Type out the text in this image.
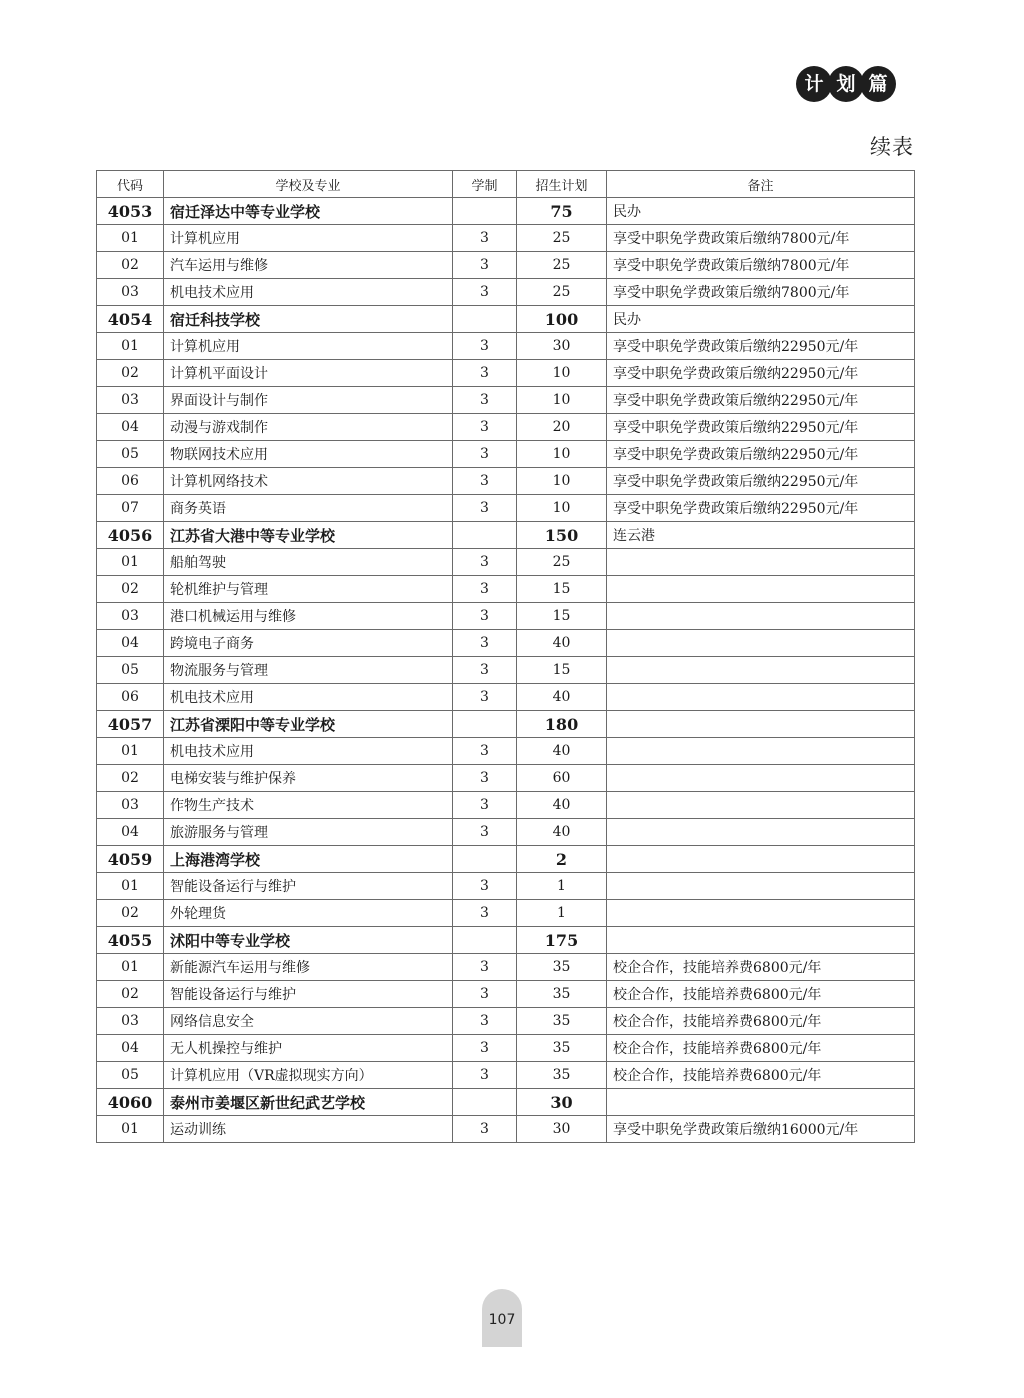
计 划 篇
续表
代码	学校及专业	学制	招生计划	备注
4053	宿迁泽达中等专业学校		75	民办
01	计算机应用	3	25	享受中职免学费政策后缴纳7800元/年
02	汽车运用与维修	3	25	享受中职免学费政策后缴纳7800元/年
03	机电技术应用	3	25	享受中职免学费政策后缴纳7800元/年
4054	宿迁科技学校		100	民办
01	计算机应用	3	30	享受中职免学费政策后缴纳22950元/年
02	计算机平面设计	3	10	享受中职免学费政策后缴纳22950元/年
03	界面设计与制作	3	10	享受中职免学费政策后缴纳22950元/年
04	动漫与游戏制作	3	20	享受中职免学费政策后缴纳22950元/年
05	物联网技术应用	3	10	享受中职免学费政策后缴纳22950元/年
06	计算机网络技术	3	10	享受中职免学费政策后缴纳22950元/年
07	商务英语	3	10	享受中职免学费政策后缴纳22950元/年
4056	江苏省大港中等专业学校		150	连云港
01	船舶驾驶	3	25	
02	轮机维护与管理	3	15	
03	港口机械运用与维修	3	15	
04	跨境电子商务	3	40	
05	物流服务与管理	3	15	
06	机电技术应用	3	40	
4057	江苏省溧阳中等专业学校		180	
01	机电技术应用	3	40	
02	电梯安装与维护保养	3	60	
03	作物生产技术	3	40	
04	旅游服务与管理	3	40	
4059	上海港湾学校		2	
01	智能设备运行与维护	3	1	
02	外轮理货	3	1	
4055	沭阳中等专业学校		175	
01	新能源汽车运用与维修	3	35	校企合作，技能培养费6800元/年
02	智能设备运行与维护	3	35	校企合作，技能培养费6800元/年
03	网络信息安全	3	35	校企合作，技能培养费6800元/年
04	无人机操控与维护	3	35	校企合作，技能培养费6800元/年
05	计算机应用（VR虚拟现实方向）	3	35	校企合作，技能培养费6800元/年
4060	泰州市姜堰区新世纪武艺学校		30	
01	运动训练	3	30	享受中职免学费政策后缴纳16000元/年
107
